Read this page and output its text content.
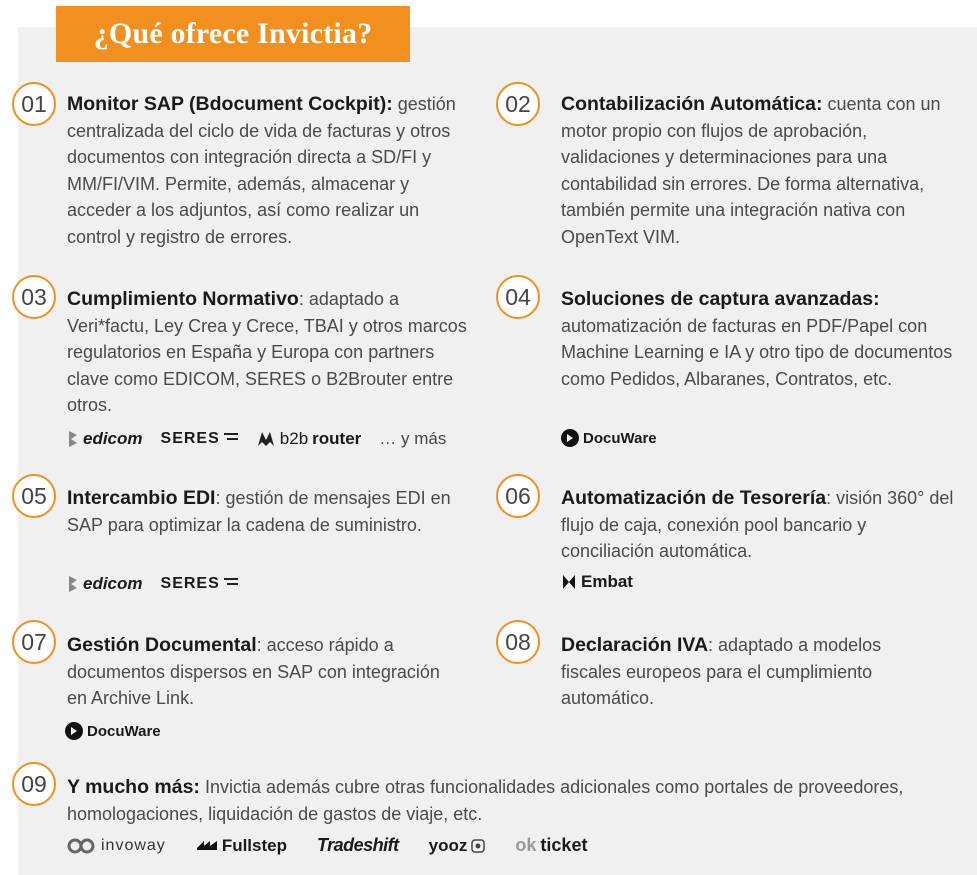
¿Qué ofrece Invictia?
01	Monitor SAP (Bdocument Cockpit): gestión centralizada del ciclo de vida de facturas y otros documentos con integración directa a SD/FI y MM/FI/VIM. Permite, además, almacenar y acceder a los adjuntos, así como realizar un control y registro de errores.
02	Contabilización Automática: cuenta con un motor propio con flujos de aprobación, validaciones y determinaciones para una contabilidad sin errores. De forma alternativa, también permite una integración nativa con OpenText VIM.
03	Cumplimiento Normativo: adaptado a Veri*factu, Ley Crea y Crece, TBAI y otros marcos regulatorios en España y Europa con partners clave como EDICOM, SERES o B2Brouter entre otros.
edicom SERES	b2b router … y más
04	Soluciones de captura avanzadas: automatización de facturas en PDF/Papel con Machine Learning e IA y otro tipo de documentos como Pedidos, Albaranes, Contratos, etc.
DocuWare
05	Intercambio EDI: gestión de mensajes EDI en SAP para optimizar la cadena de suministro.
edicom SERES
06	Automatización de Tesorería: visión 360° del flujo de caja, conexión pool bancario y conciliación automática.
Embat
07	Gestión Documental: acceso rápido a documentos dispersos en SAP con integración en Archive Link.
DocuWare
08	Declaración IVA: adaptado a modelos fiscales europeos para el cumplimiento automático.
09	Y mucho más: Invictia además cubre otras funcionalidades adicionales como portales de proveedores, homologaciones, liquidación de gastos de viaje, etc.
invoway	Fullstep Tradeshift yooz	ok ticket
